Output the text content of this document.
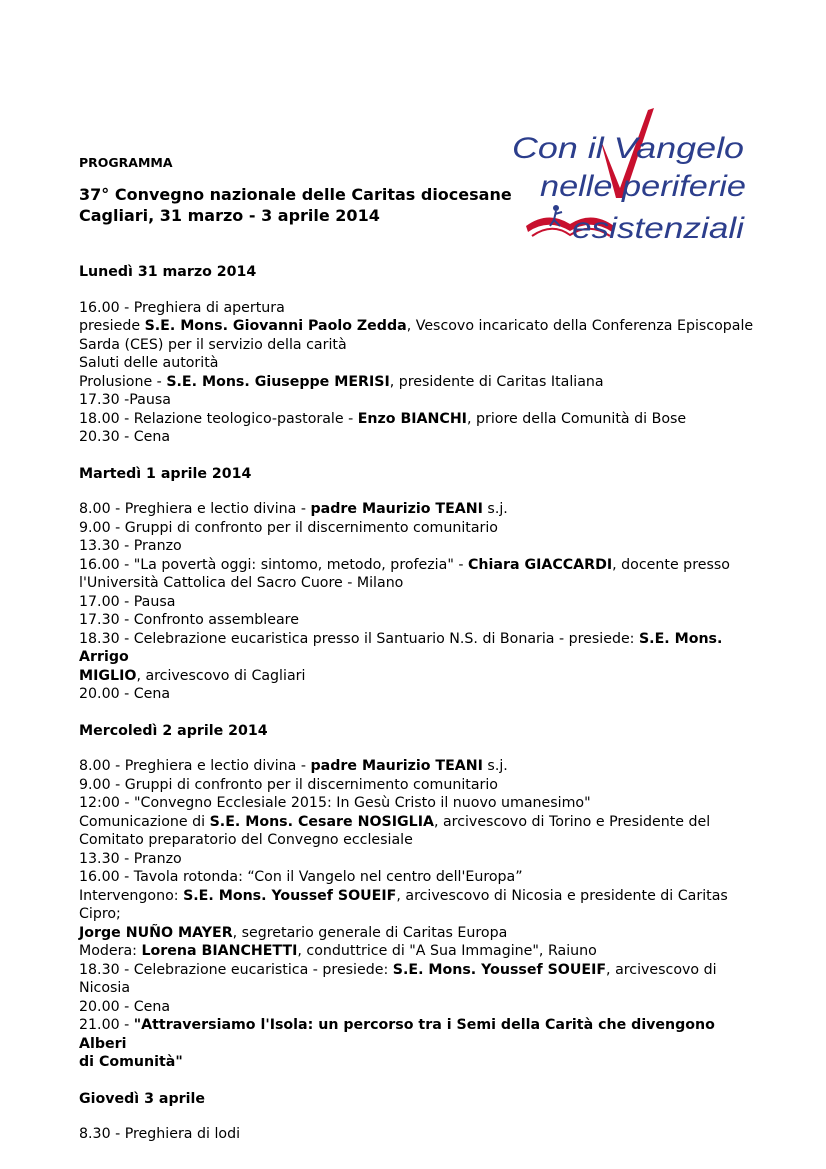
Con il Vangelo
nelle periferie
esistenziali
PROGRAMMA
37° Convegno nazionale delle Caritas diocesane
Cagliari, 31 marzo - 3 aprile 2014
Lunedì 31 marzo 2014
16.00 - Preghiera di apertura
presiede S.E. Mons. Giovanni Paolo Zedda, Vescovo incaricato della Conferenza Episcopale
Sarda (CES) per il servizio della carità
Saluti delle autorità
Prolusione - S.E. Mons. Giuseppe MERISI, presidente di Caritas Italiana
17.30 -Pausa
18.00 - Relazione teologico-pastorale - Enzo BIANCHI, priore della Comunità di Bose
20.30 - Cena
Martedì 1 aprile 2014
8.00 - Preghiera e lectio divina - padre Maurizio TEANI s.j.
9.00 - Gruppi di confronto per il discernimento comunitario
13.30 - Pranzo
16.00 - "La povertà oggi: sintomo, metodo, profezia" - Chiara GIACCARDI, docente presso
l'Università Cattolica del Sacro Cuore - Milano
17.00 - Pausa
17.30 - Confronto assembleare
18.30 - Celebrazione eucaristica presso il Santuario N.S. di Bonaria - presiede: S.E. Mons. Arrigo
MIGLIO, arcivescovo di Cagliari
20.00 - Cena
Mercoledì 2 aprile 2014
8.00 - Preghiera e lectio divina - padre Maurizio TEANI s.j.
9.00 - Gruppi di confronto per il discernimento comunitario
12:00 - "Convegno Ecclesiale 2015: In Gesù Cristo il nuovo umanesimo"
Comunicazione di S.E. Mons. Cesare NOSIGLIA, arcivescovo di Torino e Presidente del
Comitato preparatorio del Convegno ecclesiale
13.30 - Pranzo
16.00 - Tavola rotonda: “Con il Vangelo nel centro dell'Europa”
Intervengono: S.E. Mons. Youssef SOUEIF, arcivescovo di Nicosia e presidente di Caritas Cipro;
Jorge NUÑO MAYER, segretario generale di Caritas Europa
Modera: Lorena BIANCHETTI, conduttrice di "A Sua Immagine", Raiuno
18.30 - Celebrazione eucaristica - presiede: S.E. Mons. Youssef SOUEIF, arcivescovo di Nicosia
20.00 - Cena
21.00 - "Attraversiamo l'Isola: un percorso tra i Semi della Carità che divengono Alberi
di Comunità"
Giovedì 3 aprile
8.30 - Preghiera di lodi
